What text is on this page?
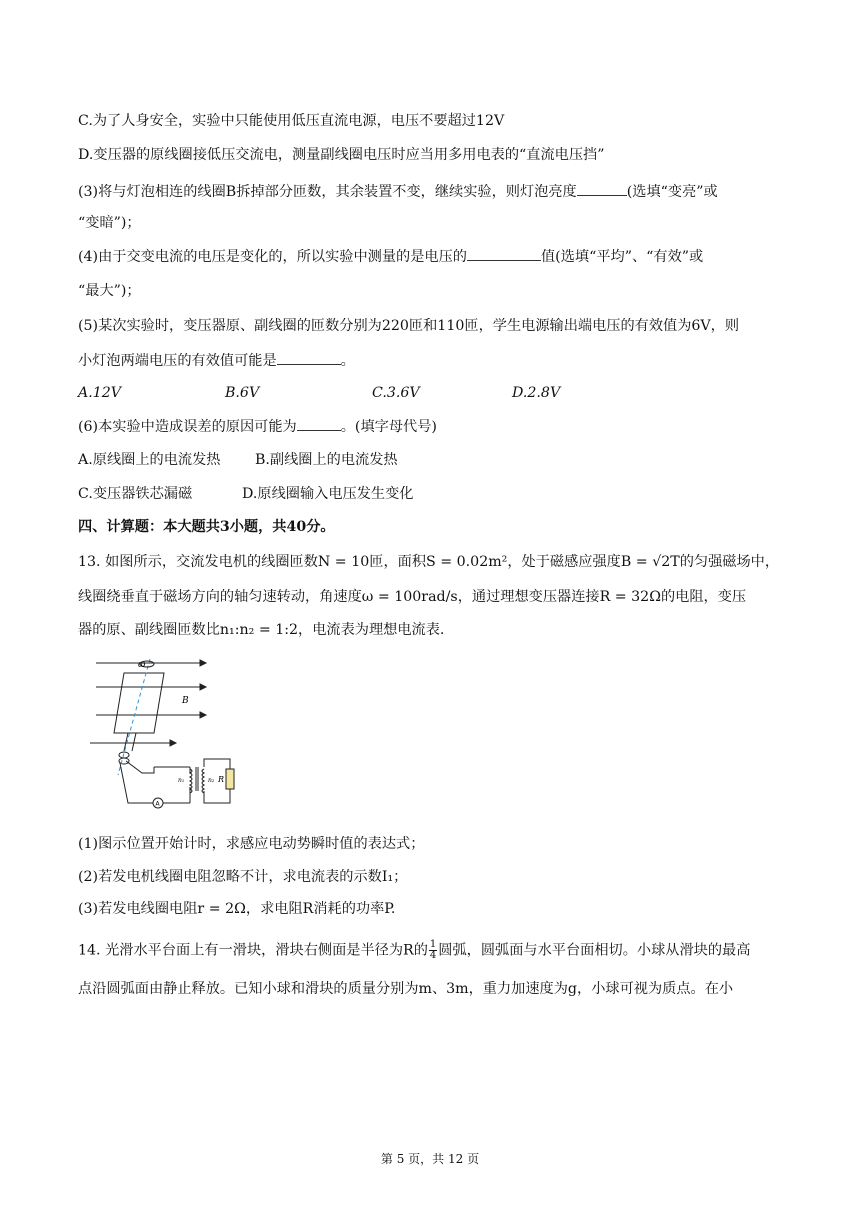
C.为了人身安全，实验中只能使用低压直流电源，电压不要超过12V
D.变压器的原线圈接低压交流电，测量副线圈电压时应当用多用电表的“直流电压挡”
(3)将与灯泡相连的线圈B拆掉部分匝数，其余装置不变，继续实验，则灯泡亮度	(选填“变亮”或
“变暗”)；
(4)由于交变电流的电压是变化的，所以实验中测量的是电压的	值(选填“平均”、“有效”或
“最大”)；
(5)某次实验时，变压器原、副线圈的匝数分别为220匝和110匝，学生电源输出端电压的有效值为6V，则
小灯泡两端电压的有效值可能是	。
A.12V	B.6V	C.3.6V	D.2.8V
(6)本实验中造成误差的原因可能为	。(填字母代号)
A.原线圈上的电流发热 B.副线圈上的电流发热
C.变压器铁芯漏磁	D.原线圈输入电压发生变化
四、计算题：本大题共3小题，共40分。
13. 如图所示，交流发电机的线圈匝数N = 10匝，面积S = 0.02m²，处于磁感应强度B = √2T的匀强磁场中，
线圈绕垂直于磁场方向的轴匀速转动，角速度ω = 100rad/s，通过理想变压器连接R = 32Ω的电阻，变压
器的原、副线圈匝数比n₁:n₂ = 1:2，电流表为理想电流表.
ω
B
n₁	n₂ R
A
(1)图示位置开始计时，求感应电动势瞬时值的表达式；
(2)若发电机线圈电阻忽略不计，求电流表的示数I₁；
(3)若发电线圈电阻r = 2Ω，求电阻R消耗的功率P.
14. 光滑水平台面上有一滑块，滑块右侧面是半径为R的 $\frac{1}{4}$ 圆弧，圆弧面与水平台面相切。小球从滑块的最高
点沿圆弧面由静止释放。已知小球和滑块的质量分别为m、3m，重力加速度为g，小球可视为质点。在小
第 5 页，共 12 页
